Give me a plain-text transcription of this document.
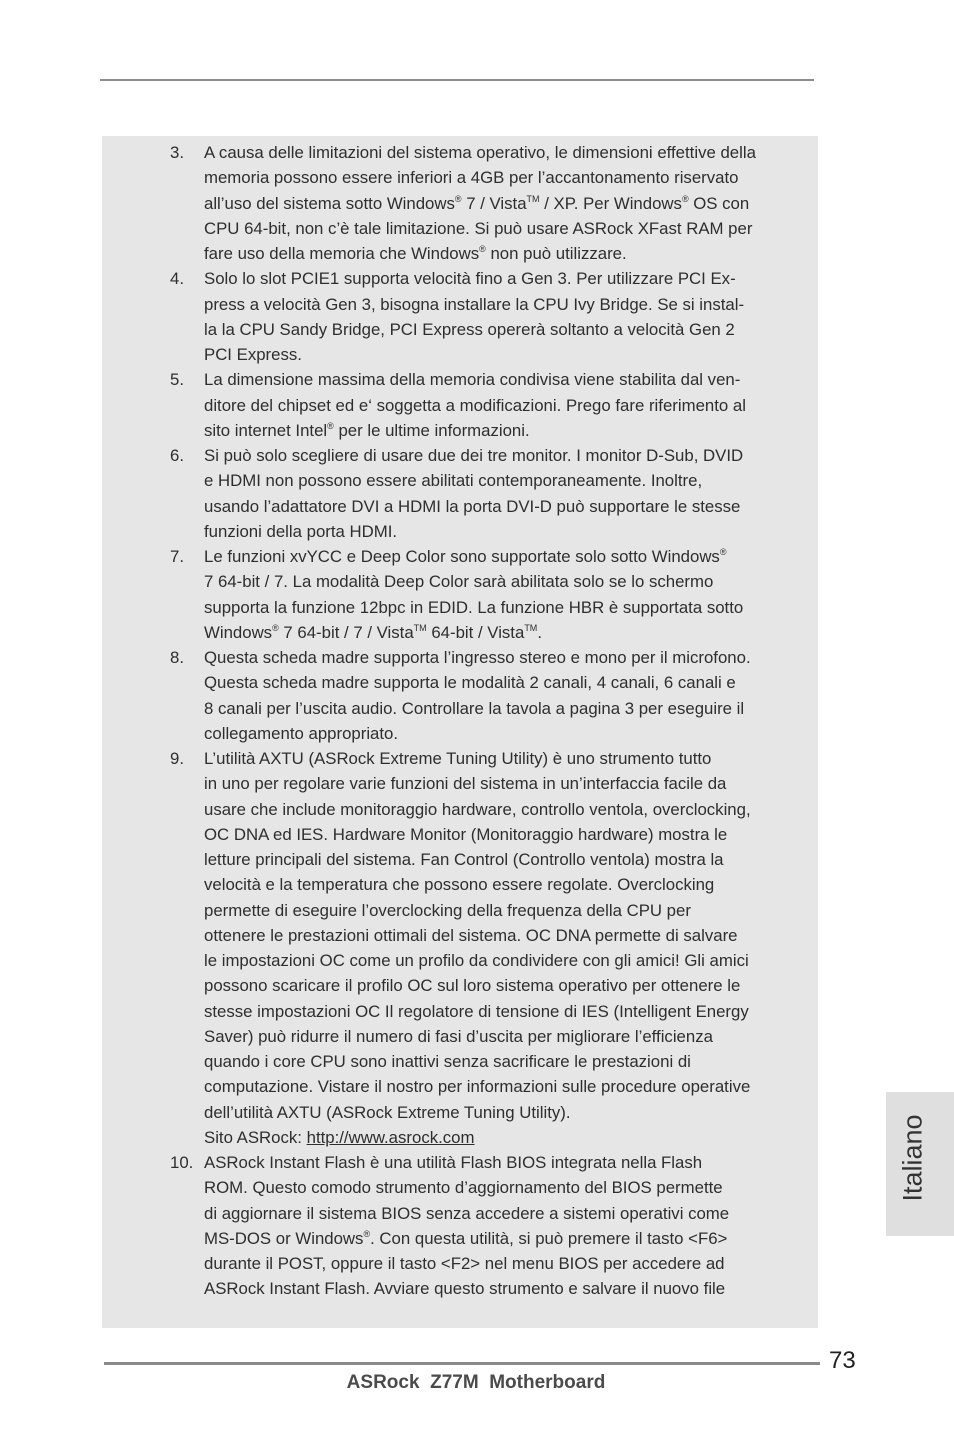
3.	A causa delle limitazioni del sistema operativo, le dimensioni effettive della
memoria possono essere inferiori a 4GB per l’accantonamento riservato
all’uso del sistema sotto Windows® 7 / Vista™ / XP. Per Windows® OS con
CPU 64-bit, non c’è tale limitazione. Si può usare ASRock XFast RAM per
fare uso della memoria che Windows® non può utilizzare.
4.	Solo lo slot PCIE1 supporta velocità fino a Gen 3. Per utilizzare PCI Ex-
press a velocità Gen 3, bisogna installare la CPU Ivy Bridge. Se si instal-
la la CPU Sandy Bridge, PCI Express opererà soltanto a velocità Gen 2
PCI Express.
5.	La dimensione massima della memoria condivisa viene stabilita dal ven-
ditore del chipset ed e‘ soggetta a modificazioni. Prego fare riferimento al
sito internet Intel® per le ultime informazioni.
6.	Si può solo scegliere di usare due dei tre monitor. I monitor D-Sub, DVID
e HDMI non possono essere abilitati contemporaneamente. Inoltre,
usando l’adattatore DVI a HDMI la porta DVI-D può supportare le stesse
funzioni della porta HDMI.
7.	Le funzioni xvYCC e Deep Color sono supportate solo sotto Windows®
7 64-bit / 7. La modalità Deep Color sarà abilitata solo se lo schermo
supporta la funzione 12bpc in EDID. La funzione HBR è supportata sotto
Windows® 7 64-bit / 7 / Vista™ 64-bit / Vista™.
8.	Questa scheda madre supporta l’ingresso stereo e mono per il microfono.
Questa scheda madre supporta le modalità 2 canali, 4 canali, 6 canali e
8 canali per l’uscita audio. Controllare la tavola a pagina 3 per eseguire il
collegamento appropriato.
9.	L’utilità AXTU (ASRock Extreme Tuning Utility) è uno strumento tutto
in uno per regolare varie funzioni del sistema in un’interfaccia facile da
usare che include monitoraggio hardware, controllo ventola, overclocking,
OC DNA ed IES. Hardware Monitor (Monitoraggio hardware) mostra le
letture principali del sistema. Fan Control (Controllo ventola) mostra la
velocità e la temperatura che possono essere regolate. Overclocking
permette di eseguire l’overclocking della frequenza della CPU per
ottenere le prestazioni ottimali del sistema. OC DNA permette di salvare
le impostazioni OC come un profilo da condividere con gli amici! Gli amici
possono scaricare il profilo OC sul loro sistema operativo per ottenere le
stesse impostazioni OC Il regolatore di tensione di IES (Intelligent Energy
Saver) può ridurre il numero di fasi d’uscita per migliorare l’efficienza
quando i core CPU sono inattivi senza sacrificare le prestazioni di
computazione. Vistare il nostro per informazioni sulle procedure operative
dell’utilità AXTU (ASRock Extreme Tuning Utility).
Sito ASRock: http://www.asrock.com
10. ASRock Instant Flash è una utilità Flash BIOS integrata nella Flash
ROM. Questo comodo strumento d’aggiornamento del BIOS permette
di aggiornare il sistema BIOS senza accedere a sistemi operativi come
MS-DOS or Windows®. Con questa utilità, si può premere il tasto <F6>
durante il POST, oppure il tasto <F2> nel menu BIOS per accedere ad
ASRock Instant Flash. Avviare questo strumento e salvare il nuovo file
Italiano
73
ASRock  Z77M  Motherboard
